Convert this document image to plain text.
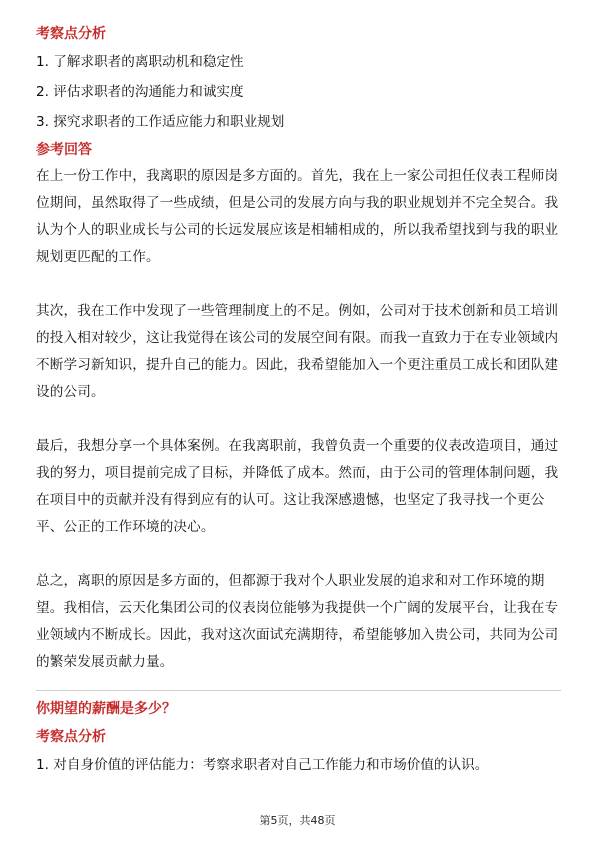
考察点分析

1. 了解求职者的离职动机和稳定性

2. 评估求职者的沟通能力和诚实度

3. 探究求职者的工作适应能力和职业规划

参考回答

在上一份工作中，我离职的原因是多方面的。首先，我在上一家公司担任仪表工程师岗位期间，虽然取得了一些成绩，但是公司的发展方向与我的职业规划并不完全契合。我认为个人的职业成长与公司的长远发展应该是相辅相成的，所以我希望找到与我的职业规划更匹配的工作。

其次，我在工作中发现了一些管理制度上的不足。例如，公司对于技术创新和员工培训的投入相对较少，这让我觉得在该公司的发展空间有限。而我一直致力于在专业领域内不断学习新知识，提升自己的能力。因此，我希望能加入一个更注重员工成长和团队建设的公司。

最后，我想分享一个具体案例。在我离职前，我曾负责一个重要的仪表改造项目，通过我的努力，项目提前完成了目标，并降低了成本。然而，由于公司的管理体制问题，我在项目中的贡献并没有得到应有的认可。这让我深感遗憾，也坚定了我寻找一个更公平、公正的工作环境的决心。

总之，离职的原因是多方面的，但都源于我对个人职业发展的追求和对工作环境的期望。我相信，云天化集团公司的仪表岗位能够为我提供一个广阔的发展平台，让我在专业领域内不断成长。因此，我对这次面试充满期待，希望能够加入贵公司，共同为公司的繁荣发展贡献力量。

你期望的薪酬是多少？

考察点分析

1. 对自身价值的评估能力：考察求职者对自己工作能力和市场价值的认识。

第5页，共48页
